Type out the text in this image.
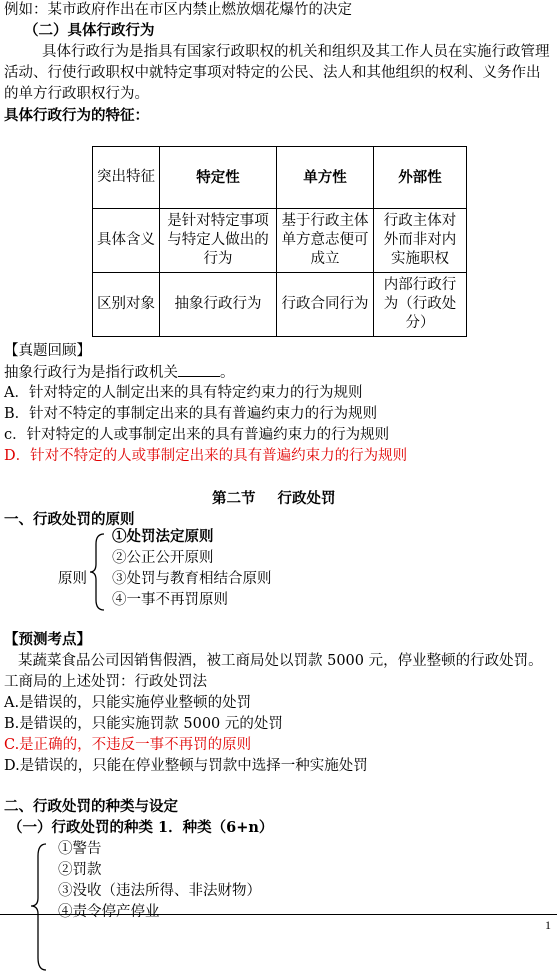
例如：某市政府作出在市区内禁止燃放烟花爆竹的决定
（二）具体行政行为
具体行政行为是指具有国家行政职权的机关和组织及其工作人员在实施行政管理活动、行使行政职权中就特定事项对特定的公民、法人和其他组织的权利、义务作出的单方行政职权行为。
具体行政行为的特征：
突出特征	特定性	单方性	外部性
具体含义	是针对特定事项与特定人做出的行为	基于行政主体单方意志便可成立	行政主体对外而非对内实施职权
区别对象	抽象行政行为	行政合同行为	内部行政行为（行政处分）
【真题回顾】
抽象行政行为是指行政机关	。
A．针对特定的人制定出来的具有特定约束力的行为规则
B．针对不特定的事制定出来的具有普遍约束力的行为规则
c．针对特定的人或事制定出来的具有普遍约束力的行为规则
D．针对不特定的人或事制定出来的具有普遍约束力的行为规则
第二节 行政处罚
一、行政处罚的原则
原则
①处罚法定原则
②公正公开原则
③处罚与教育相结合原则
④一事不再罚原则
【预测考点】
某蔬菜食品公司因销售假酒，被工商局处以罚款 5000 元，停业整顿的行政处罚。工商局的上述处罚：行政处罚法
A.是错误的，只能实施停业整顿的处罚
B.是错误的，只能实施罚款 5000 元的处罚
C.是正确的，不违反一事不再罚的原则
D.是错误的，只能在停业整顿与罚款中选择一种实施处罚
二、行政处罚的种类与设定
（一）行政处罚的种类 1．种类（6+n）
①警告
②罚款
③没收（违法所得、非法财物）
④责令停产停业
1
